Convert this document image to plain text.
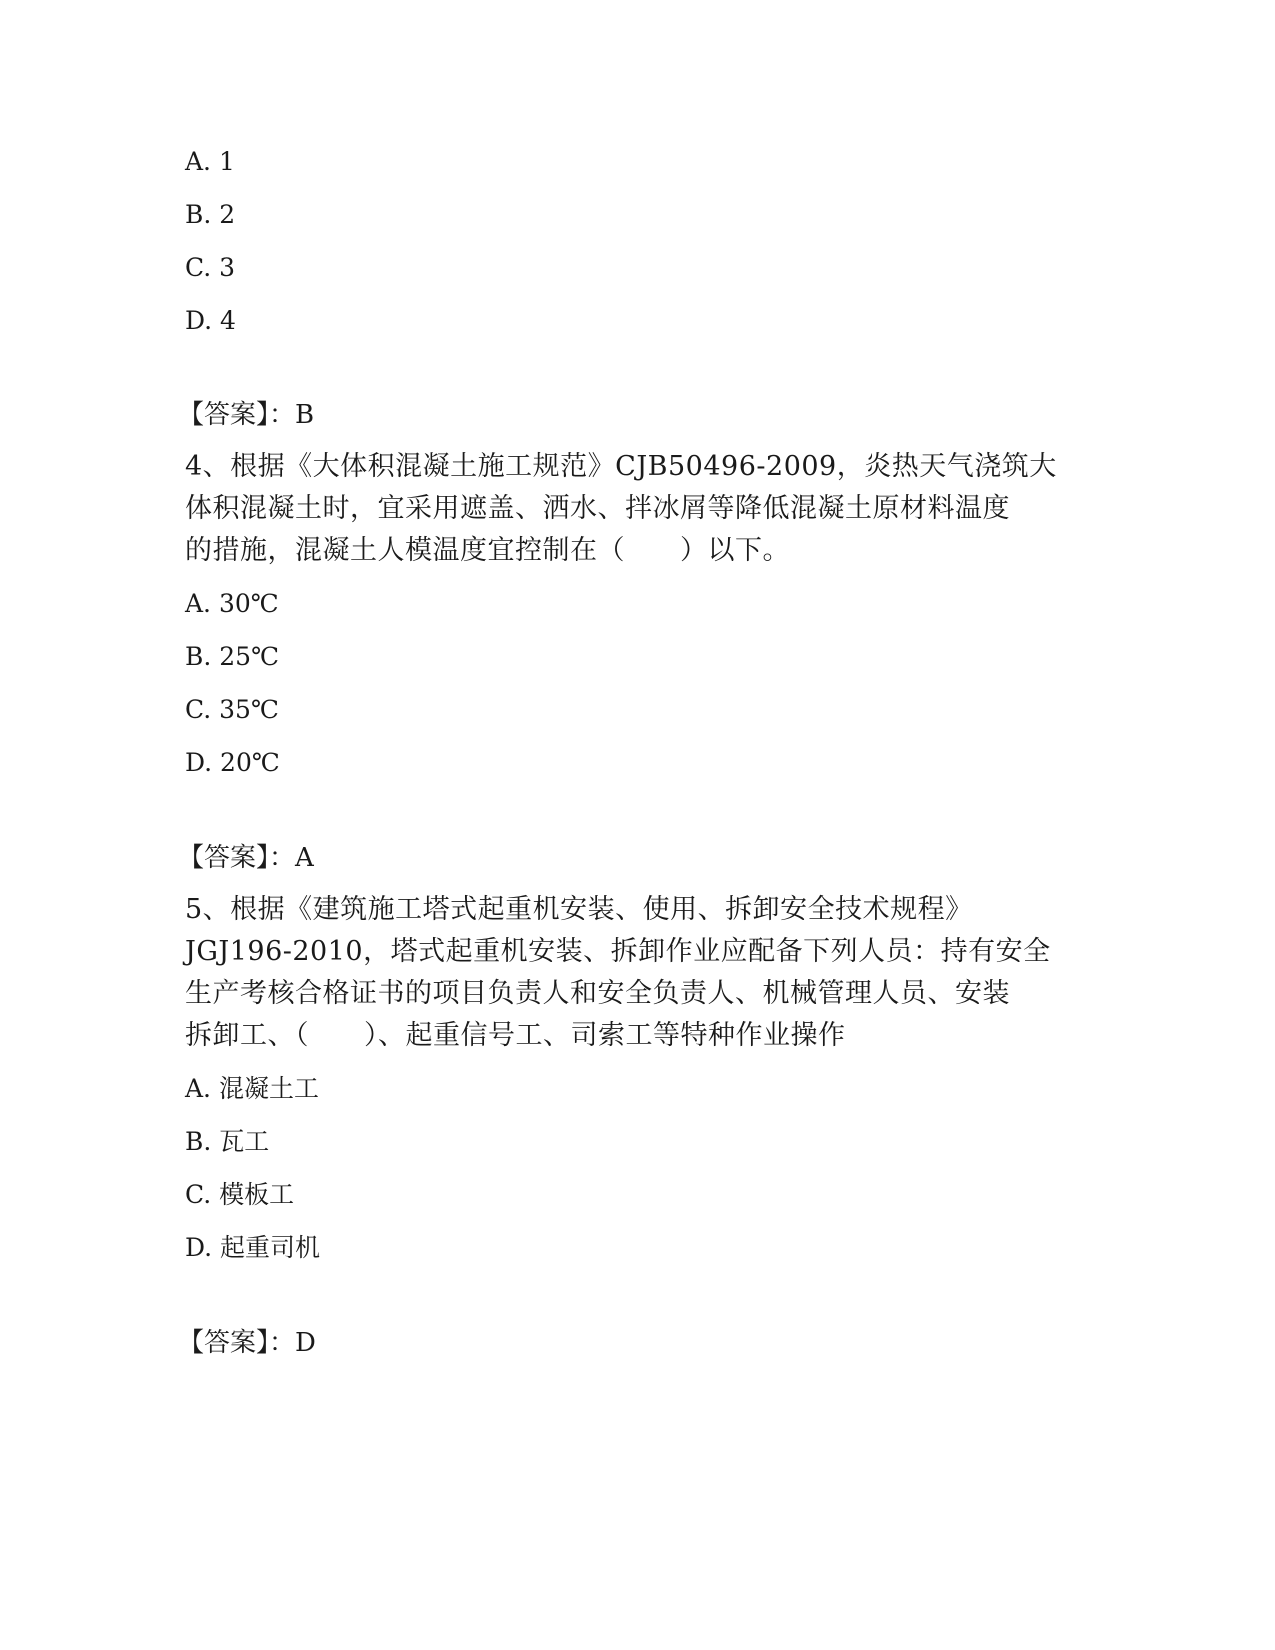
A. 1

B. 2

C. 3

D. 4

【答案】：B

4、根据《大体积混凝土施工规范》CJB50496-2009，炎热天气浇筑大
体积混凝土时，宜采用遮盖、洒水、拌冰屑等降低混凝土原材料温度
的措施，混凝土人模温度宜控制在（　　）以下。

A. 30℃

B. 25℃

C. 35℃

D. 20℃

【答案】：A

5、根据《建筑施工塔式起重机安装、使用、拆卸安全技术规程》
JGJ196-2010，塔式起重机安装、拆卸作业应配备下列人员：持有安全
生产考核合格证书的项目负责人和安全负责人、机械管理人员、安装
拆卸工、（　　）、起重信号工、司索工等特种作业操作

A. 混凝土工

B. 瓦工

C. 模板工

D. 起重司机

【答案】：D
